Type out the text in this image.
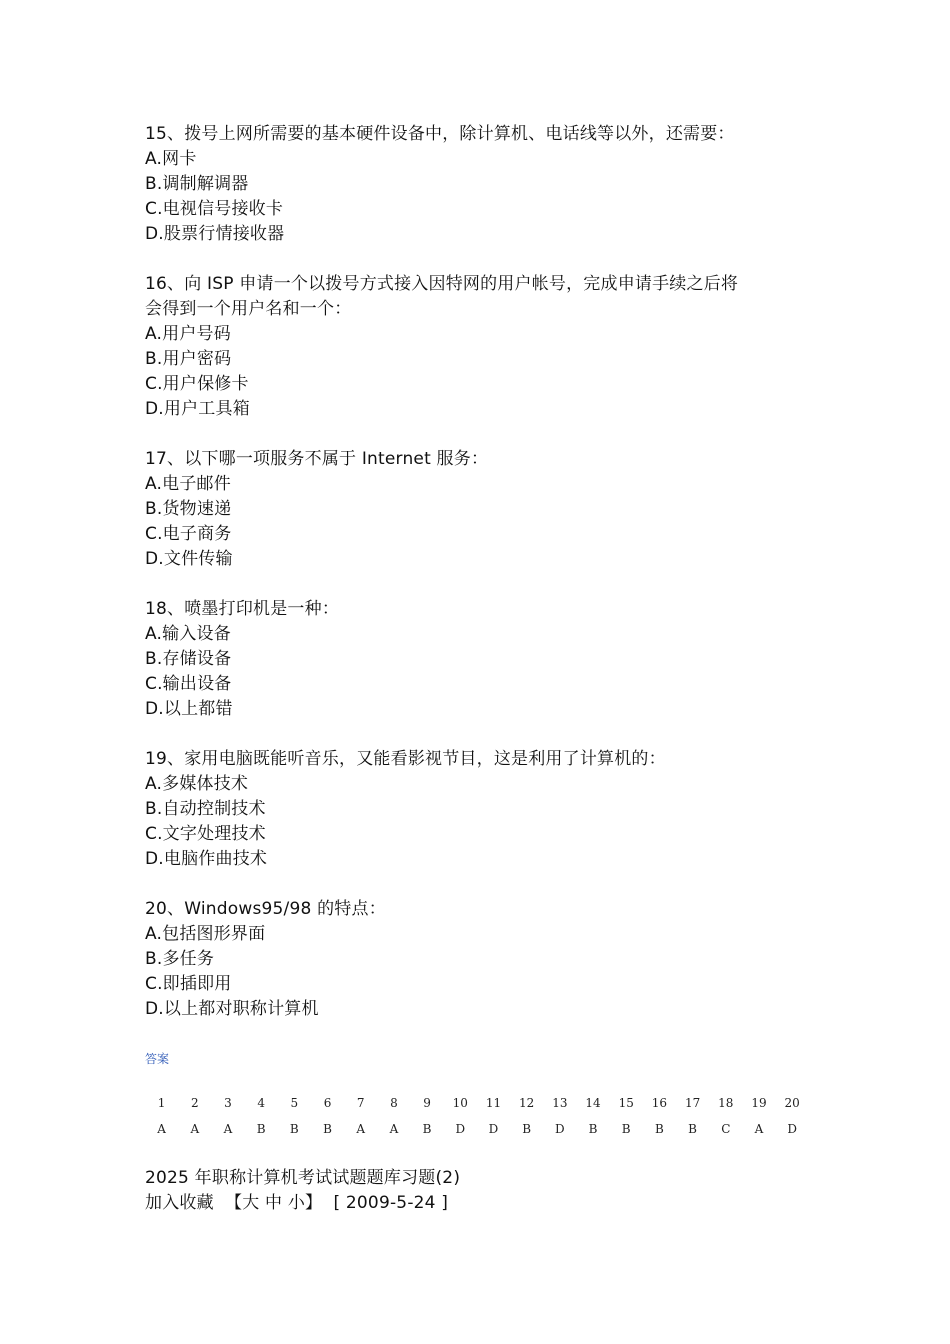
15、拨号上网所需要的基本硬件设备中，除计算机、电话线等以外，还需要：
A.网卡
B.调制解调器
C.电视信号接收卡
D.股票行情接收器
16、向 ISP 申请一个以拨号方式接入因特网的用户帐号，完成申请手续之后将
会得到一个用户名和一个：
A.用户号码
B.用户密码
C.用户保修卡
D.用户工具箱
17、以下哪一项服务不属于 Internet 服务：
A.电子邮件
B.货物速递
C.电子商务
D.文件传输
18、喷墨打印机是一种：
A.输入设备
B.存储设备
C.输出设备
D.以上都错
19、家用电脑既能听音乐，又能看影视节目，这是利用了计算机的：
A.多媒体技术
B.自动控制技术
C.文字处理技术
D.电脑作曲技术
20、Windows95/98 的特点：
A.包括图形界面
B.多任务
C.即插即用
D.以上都对职称计算机
答案
1	2	3	4	5	6	7	8	9	10	11	12	13	14	15	16	17	18	19	20
A	A	A	B	B	B	A	A	B	D	D	B	D	B	B	B	B	C	A	D
2025 年职称计算机考试试题题库习题(2)
加入收藏 【大 中 小】 [ 2009-5-24 ]
